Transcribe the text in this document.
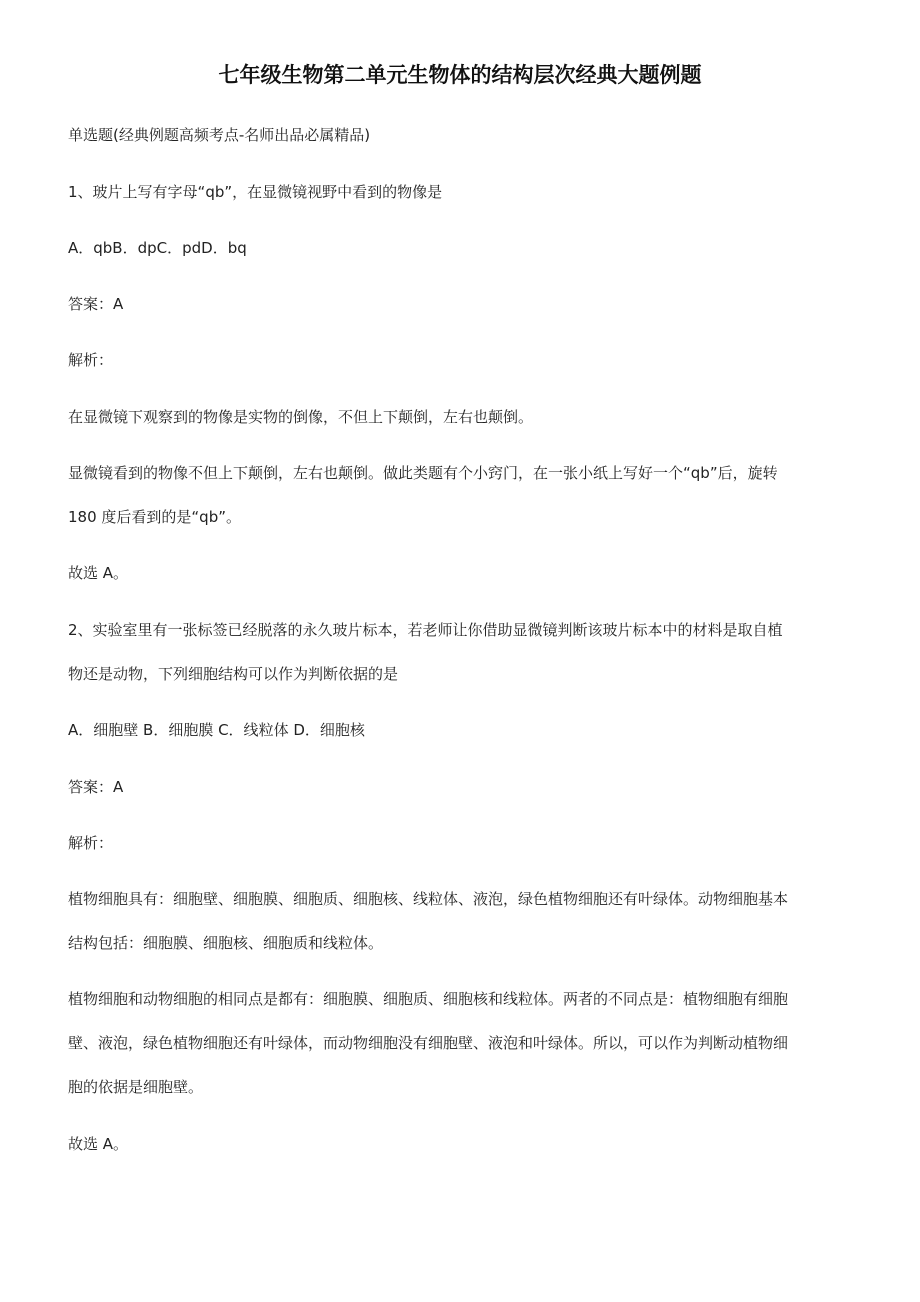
七年级生物第二单元生物体的结构层次经典大题例题
单选题(经典例题高频考点-名师出品必属精品)
1、玻片上写有字母“qb”，在显微镜视野中看到的物像是
A．qbB．dpC．pdD．bq
答案：A
解析：
在显微镜下观察到的物像是实物的倒像，不但上下颠倒，左右也颠倒。
显微镜看到的物像不但上下颠倒，左右也颠倒。做此类题有个小窍门，在一张小纸上写好一个“qb”后，旋转
180 度后看到的是“qb”。
故选 A。
2、实验室里有一张标签已经脱落的永久玻片标本，若老师让你借助显微镜判断该玻片标本中的材料是取自植
物还是动物，下列细胞结构可以作为判断依据的是
A．细胞壁 B．细胞膜 C．线粒体 D．细胞核
答案：A
解析：
植物细胞具有：细胞壁、细胞膜、细胞质、细胞核、线粒体、液泡，绿色植物细胞还有叶绿体。动物细胞基本
结构包括：细胞膜、细胞核、细胞质和线粒体。
植物细胞和动物细胞的相同点是都有：细胞膜、细胞质、细胞核和线粒体。两者的不同点是：植物细胞有细胞
壁、液泡，绿色植物细胞还有叶绿体，而动物细胞没有细胞壁、液泡和叶绿体。所以，可以作为判断动植物细
胞的依据是细胞壁。
故选 A。
